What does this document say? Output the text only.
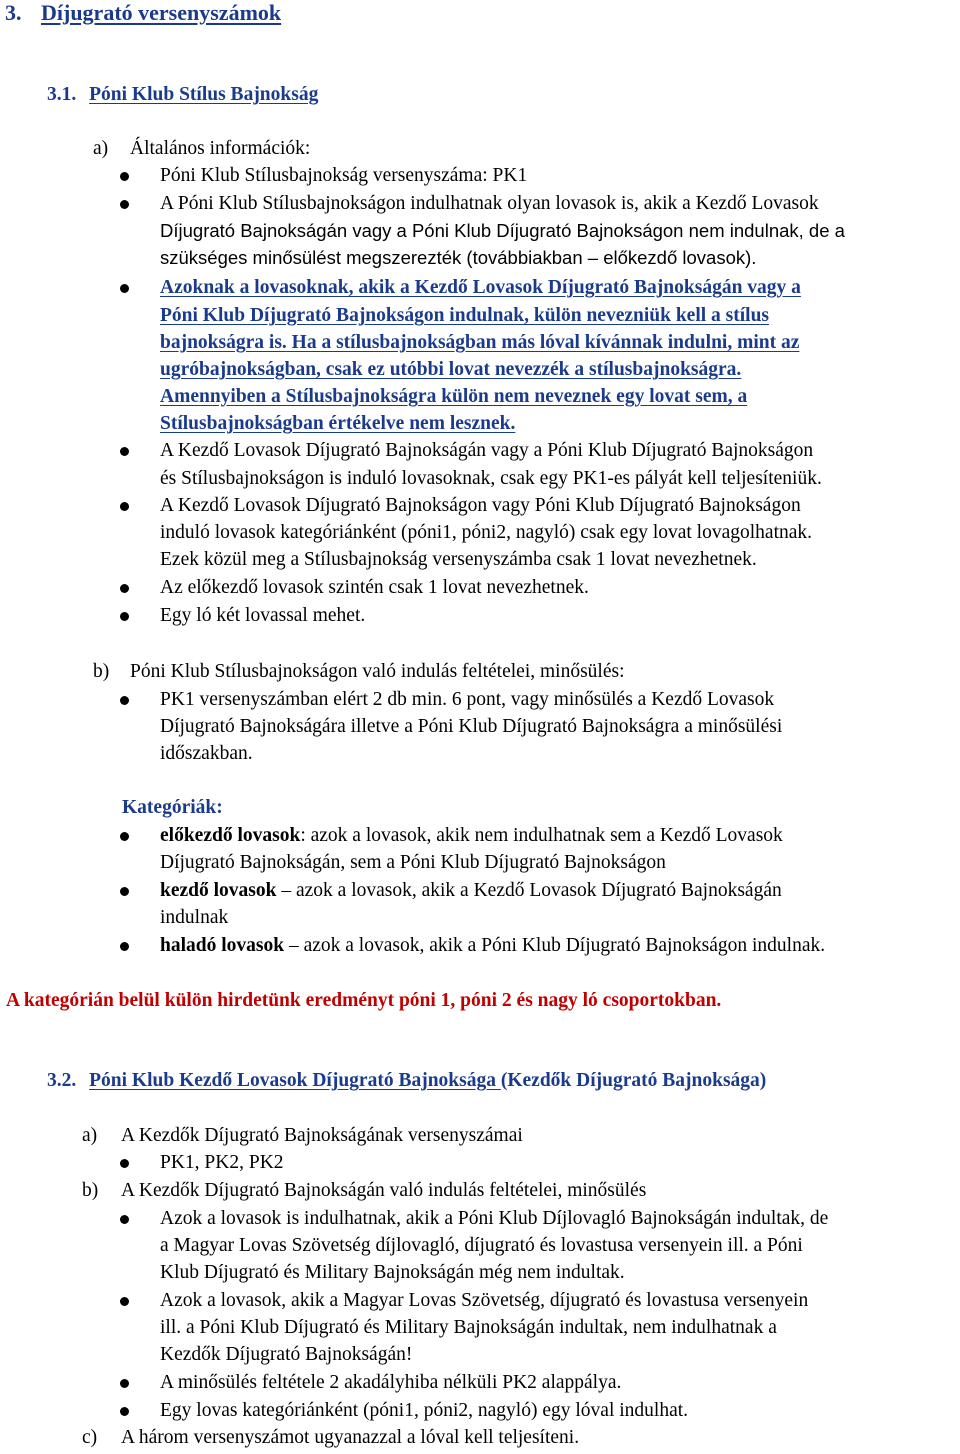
3. Díjugrató versenyszámok
3.1. Póni Klub Stílus Bajnokság
a) Általános információk:
Póni Klub Stílusbajnokság versenyszáma: PK1
A Póni Klub Stílusbajnokságon indulhatnak olyan lovasok is, akik a Kezdő Lovasok
Díjugrató Bajnokságán vagy a Póni Klub Díjugrató Bajnokságon nem indulnak, de a
szükséges minősülést megszerezték (továbbiakban – előkezdő lovasok).
Azoknak a lovasoknak, akik a Kezdő Lovasok Díjugrató Bajnokságán vagy a
Póni Klub Díjugrató Bajnokságon indulnak, külön nevezniük kell a stílus
bajnokságra is. Ha a stílusbajnokságban más lóval kívánnak indulni, mint az
ugróbajnokságban, csak ez utóbbi lovat nevezzék a stílusbajnokságra.
Amennyiben a Stílusbajnokságra külön nem neveznek egy lovat sem, a
Stílusbajnokságban értékelve nem lesznek.
A Kezdő Lovasok Díjugrató Bajnokságán vagy a Póni Klub Díjugrató Bajnokságon
és Stílusbajnokságon is induló lovasoknak, csak egy PK1-es pályát kell teljesíteniük.
A Kezdő Lovasok Díjugrató Bajnokságon vagy Póni Klub Díjugrató Bajnokságon
induló lovasok kategóriánként (póni1, póni2, nagyló) csak egy lovat lovagolhatnak.
Ezek közül meg a Stílusbajnokság versenyszámba csak 1 lovat nevezhetnek.
Az előkezdő lovasok szintén csak 1 lovat nevezhetnek.
Egy ló két lovassal mehet.
b) Póni Klub Stílusbajnokságon való indulás feltételei, minősülés:
PK1 versenyszámban elért 2 db min. 6 pont, vagy minősülés a Kezdő Lovasok
Díjugrató Bajnokságára illetve a Póni Klub Díjugrató Bajnokságra a minősülési
időszakban.
Kategóriák:
előkezdő lovasok: azok a lovasok, akik nem indulhatnak sem a Kezdő Lovasok
Díjugrató Bajnokságán, sem a Póni Klub Díjugrató Bajnokságon
kezdő lovasok – azok a lovasok, akik a Kezdő Lovasok Díjugrató Bajnokságán
indulnak
haladó lovasok – azok a lovasok, akik a Póni Klub Díjugrató Bajnokságon indulnak.
A kategórián belül külön hirdetünk eredményt póni 1, póni 2 és nagy ló csoportokban.
3.2. Póni Klub Kezdő Lovasok Díjugrató Bajnoksága (Kezdők Díjugrató Bajnoksága)
a) A Kezdők Díjugrató Bajnokságának versenyszámai
PK1, PK2, PK2
b) A Kezdők Díjugrató Bajnokságán való indulás feltételei, minősülés
Azok a lovasok is indulhatnak, akik a Póni Klub Díjlovagló Bajnokságán indultak, de
a Magyar Lovas Szövetség díjlovagló, díjugrató és lovastusa versenyein ill. a Póni
Klub Díjugrató és Military Bajnokságán még nem indultak.
Azok a lovasok, akik a Magyar Lovas Szövetség, díjugrató és lovastusa versenyein
ill. a Póni Klub Díjugrató és Military Bajnokságán indultak, nem indulhatnak a
Kezdők Díjugrató Bajnokságán!
A minősülés feltétele 2 akadályhiba nélküli PK2 alappálya.
Egy lovas kategóriánként (póni1, póni2, nagyló) egy lóval indulhat.
c) A három versenyszámot ugyanazzal a lóval kell teljesíteni.
